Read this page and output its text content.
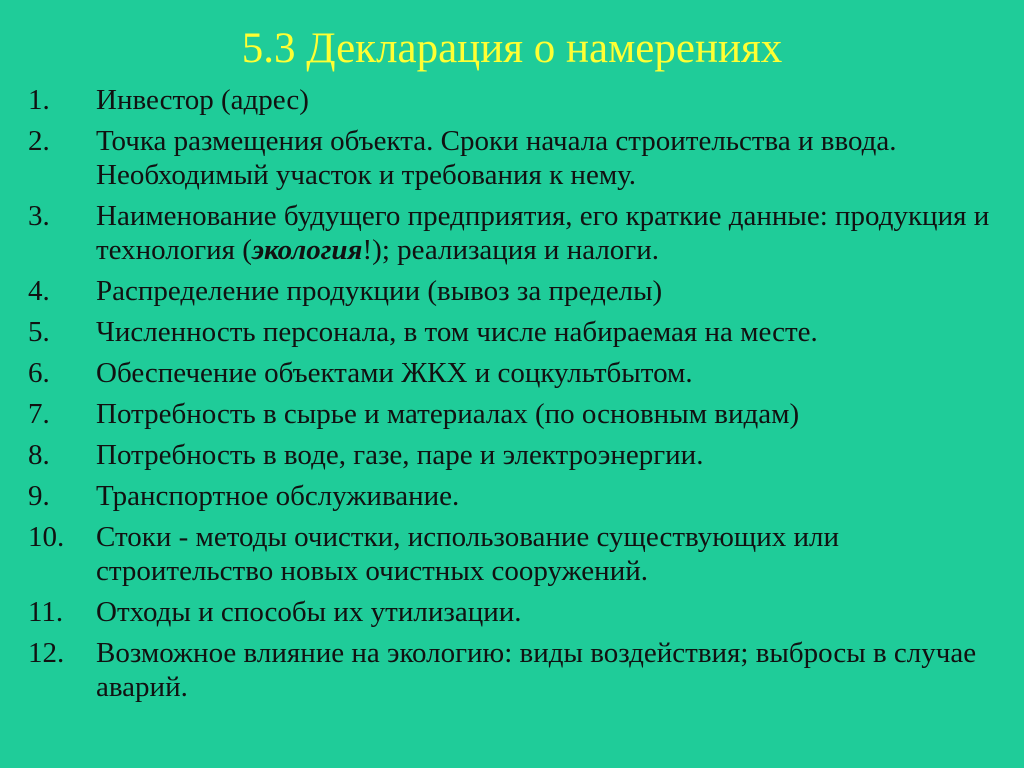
5.3 Декларация о намерениях
1. Инвестор (адрес)
2. Точка размещения объекта. Сроки начала строительства и ввода. Необходимый участок и требования к нему.
3. Наименование будущего предприятия, его краткие данные: продукция и технология (экология!); реализация и налоги.
4. Распределение продукции (вывоз за пределы)
5. Численность персонала, в том числе набираемая на месте.
6. Обеспечение объектами ЖКХ и соцкультбытом.
7. Потребность в сырье и материалах (по основным видам)
8. Потребность в воде, газе, паре и электроэнергии.
9. Транспортное обслуживание.
10. Стоки - методы очистки, использование существующих или строительство новых очистных сооружений.
11. Отходы и способы их утилизации.
12. Возможное влияние на экологию: виды воздействия; выбросы в случае аварий.
